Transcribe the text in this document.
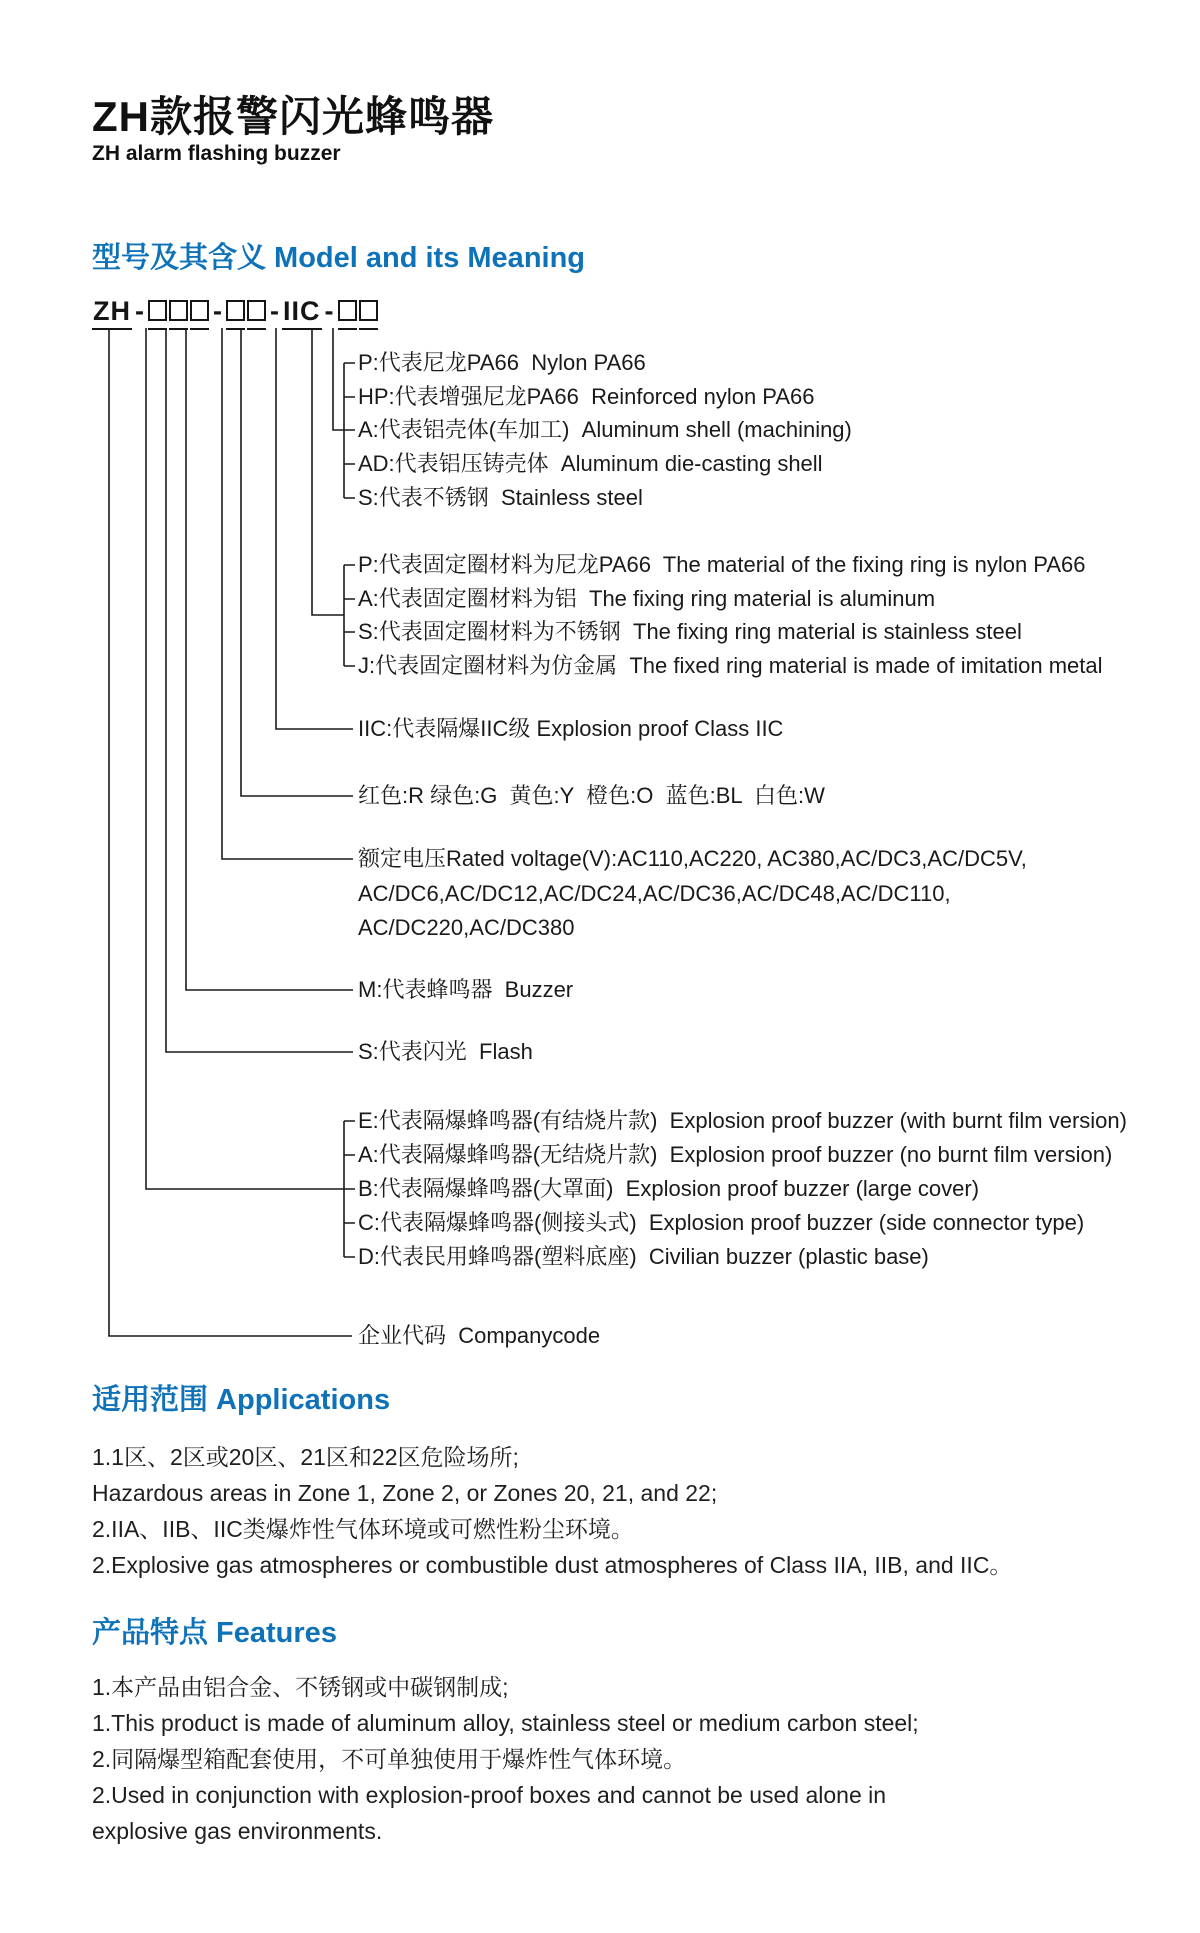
ZH款报警闪光蜂鸣器
ZH alarm flashing buzzer
型号及其含义 Model and its Meaning
ZH -	- - IIC -
P:代表尼龙PA66  Nylon PA66
HP:代表增强尼龙PA66  Reinforced nylon PA66
A:代表铝壳体(车加工)  Aluminum shell (machining)
AD:代表铝压铸壳体  Aluminum die-casting shell
S:代表不锈钢  Stainless steel
P:代表固定圈材料为尼龙PA66  The material of the fixing ring is nylon PA66
A:代表固定圈材料为铝  The fixing ring material is aluminum
S:代表固定圈材料为不锈钢  The fixing ring material is stainless steel
J:代表固定圈材料为仿金属  The fixed ring material is made of imitation metal
IIC:代表隔爆IIC级 Explosion proof Class IIC
红色:R 绿色:G  黄色:Y  橙色:O  蓝色:BL  白色:W
额定电压Rated voltage(V):AC110,AC220, AC380,AC/DC3,AC/DC5V,
AC/DC6,AC/DC12,AC/DC24,AC/DC36,AC/DC48,AC/DC110,
AC/DC220,AC/DC380
M:代表蜂鸣器  Buzzer
S:代表闪光  Flash
E:代表隔爆蜂鸣器(有结烧片款)  Explosion proof buzzer (with burnt film version)
A:代表隔爆蜂鸣器(无结烧片款)  Explosion proof buzzer (no burnt film version)
B:代表隔爆蜂鸣器(大罩面)  Explosion proof buzzer (large cover)
C:代表隔爆蜂鸣器(侧接头式)  Explosion proof buzzer (side connector type)
D:代表民用蜂鸣器(塑料底座)  Civilian buzzer (plastic base)
企业代码  Companycode
适用范围 Applications
1.1区、2区或20区、21区和22区危险场所;
Hazardous areas in Zone 1, Zone 2, or Zones 20, 21, and 22;
2.IIA、IIB、IIC类爆炸性气体环境或可燃性粉尘环境。
2.Explosive gas atmospheres or combustible dust atmospheres of Class IIA, IIB, and IIC。
产品特点 Features
1.本产品由铝合金、不锈钢或中碳钢制成;
1.This product is made of aluminum alloy, stainless steel or medium carbon steel;
2.同隔爆型箱配套使用，不可单独使用于爆炸性气体环境。
2.Used in conjunction with explosion-proof boxes and cannot be used alone in
explosive gas environments.
